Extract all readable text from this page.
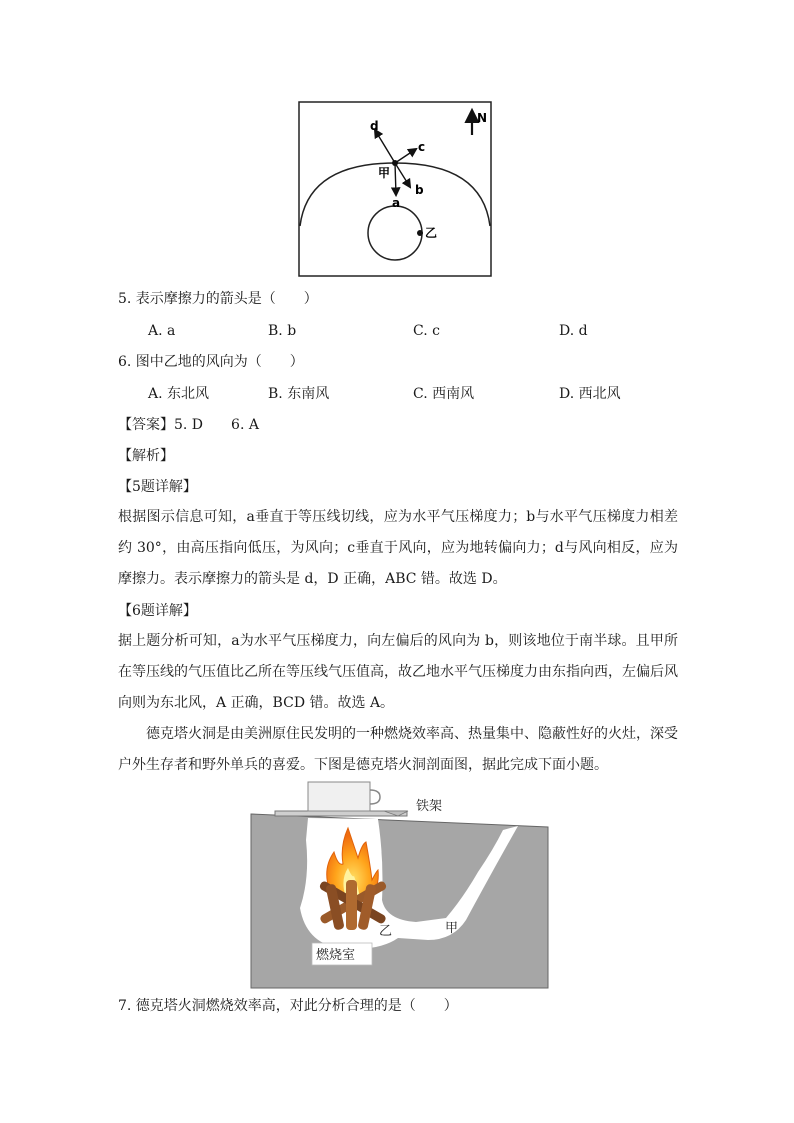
a
b
c
d
甲
乙
N
5. 表示摩擦力的箭头是（　　）
A. a	B. b	C. c	D. d
6. 图中乙地的风向为（　　）
A. 东北风	B. 东南风	C. 西南风	D. 西北风
【答案】5. D　　6. A
【解析】
【5题详解】
根据图示信息可知，a垂直于等压线切线，应为水平气压梯度力；b与水平气压梯度力相差约 30°，由高压指向低压，为风向；c垂直于风向，应为地转偏向力；d与风向相反，应为摩擦力。表示摩擦力的箭头是 d，D 正确，ABC 错。故选 D。
【6题详解】
据上题分析可知，a为水平气压梯度力，向左偏后的风向为 b，则该地位于南半球。且甲所在等压线的气压值比乙所在等压线气压值高，故乙地水平气压梯度力由东指向西，左偏后风向则为东北风，A 正确，BCD 错。故选 A。
德克塔火洞是由美洲原住民发明的一种燃烧效率高、热量集中、隐蔽性好的火灶，深受户外生存者和野外单兵的喜爱。下图是德克塔火洞剖面图，据此完成下面小题。
铁架
燃烧室
乙	甲
7. 德克塔火洞燃烧效率高，对此分析合理的是（　　）
